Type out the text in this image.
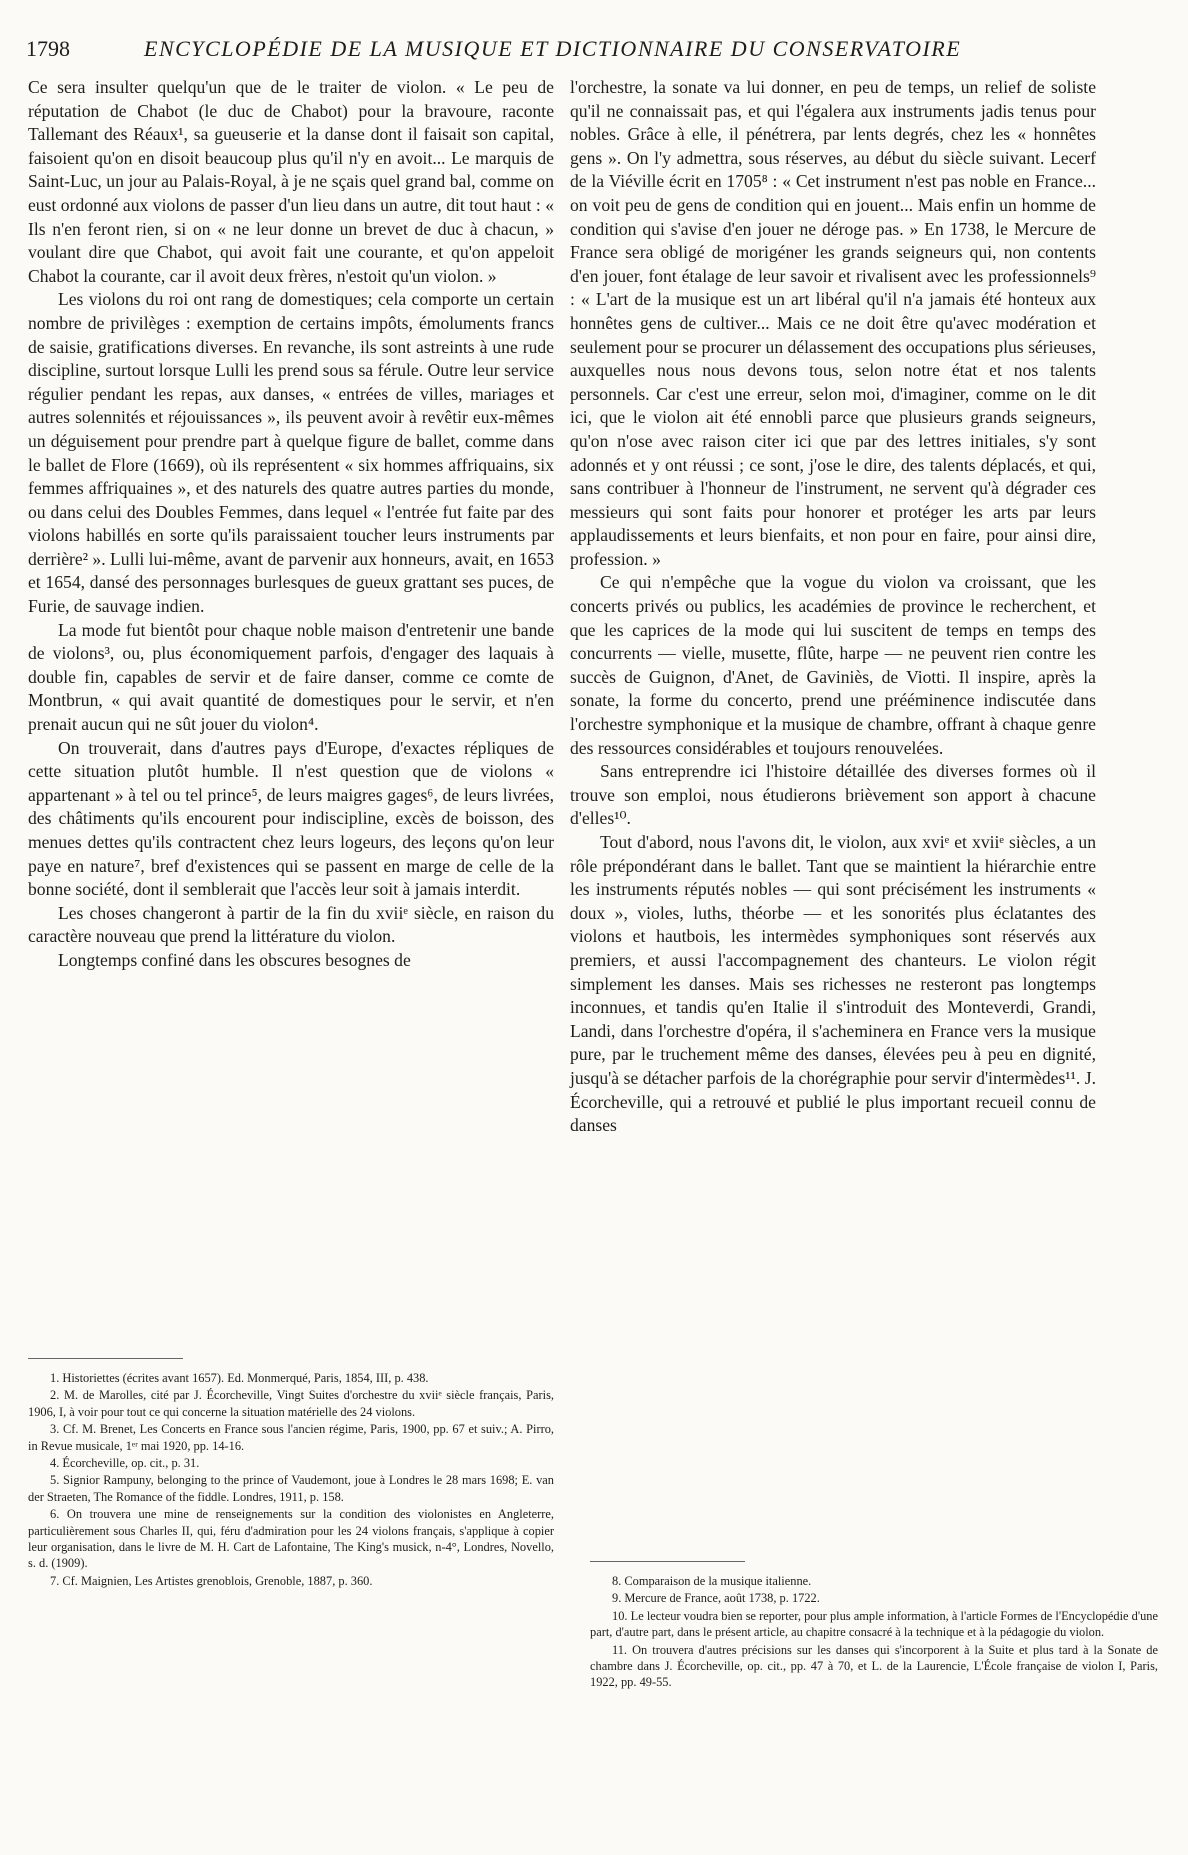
1798	ENCYCLOPÉDIE DE LA MUSIQUE ET DICTIONNAIRE DU CONSERVATOIRE

Ce sera insulter quelqu'un que de le traiter de violon. « Le peu de réputation de Chabot (le duc de Chabot) pour la bravoure, raconte Tallemant des Réaux¹, sa gueuserie et la danse dont il faisait son capital, faisoient qu'on en disoit beaucoup plus qu'il n'y en avoit... Le marquis de Saint-Luc, un jour au Palais-Royal, à je ne sçais quel grand bal, comme on eust ordonné aux violons de passer d'un lieu dans un autre, dit tout haut : « Ils n'en feront rien, si on « ne leur donne un brevet de duc à chacun, » voulant dire que Chabot, qui avoit fait une courante, et qu'on appeloit Chabot la courante, car il avoit deux frères, n'estoit qu'un violon. »

Les violons du roi ont rang de domestiques; cela comporte un certain nombre de privilèges : exemption de certains impôts, émoluments francs de saisie, gratifications diverses. En revanche, ils sont astreints à une rude discipline, surtout lorsque Lulli les prend sous sa férule. Outre leur service régulier pendant les repas, aux danses, « entrées de villes, mariages et autres solennités et réjouissances », ils peuvent avoir à revêtir eux-mêmes un déguisement pour prendre part à quelque figure de ballet, comme dans le ballet de Flore (1669), où ils représentent « six hommes affriquains, six femmes affriquaines », et des naturels des quatre autres parties du monde, ou dans celui des Doubles Femmes, dans lequel « l'entrée fut faite par des violons habillés en sorte qu'ils paraissaient toucher leurs instruments par derrière² ». Lulli lui-même, avant de parvenir aux honneurs, avait, en 1653 et 1654, dansé des personnages burlesques de gueux grattant ses puces, de Furie, de sauvage indien.

La mode fut bientôt pour chaque noble maison d'entretenir une bande de violons³, ou, plus économiquement parfois, d'engager des laquais à double fin, capables de servir et de faire danser, comme ce comte de Montbrun, « qui avait quantité de domestiques pour le servir, et n'en prenait aucun qui ne sût jouer du violon⁴.

On trouverait, dans d'autres pays d'Europe, d'exactes répliques de cette situation plutôt humble. Il n'est question que de violons « appartenant » à tel ou tel prince⁵, de leurs maigres gages⁶, de leurs livrées, des châtiments qu'ils encourent pour indiscipline, excès de boisson, des menues dettes qu'ils contractent chez leurs logeurs, des leçons qu'on leur paye en nature⁷, bref d'existences qui se passent en marge de celle de la bonne société, dont il semblerait que l'accès leur soit à jamais interdit.

Les choses changeront à partir de la fin du xviiᵉ siècle, en raison du caractère nouveau que prend la littérature du violon.

Longtemps confiné dans les obscures besognes de

1. Historiettes (écrites avant 1657). Ed. Monmerqué, Paris, 1854, III, p. 438.

2. M. de Marolles, cité par J. Écorcheville, Vingt Suites d'orchestre du xviiᵉ siècle français, Paris, 1906, I, à voir pour tout ce qui concerne la situation matérielle des 24 violons.

3. Cf. M. Brenet, Les Concerts en France sous l'ancien régime, Paris, 1900, pp. 67 et suiv.; A. Pirro, in Revue musicale, 1ᵉʳ mai 1920, pp. 14-16.

4. Écorcheville, op. cit., p. 31.

5. Signior Rampuny, belonging to the prince of Vaudemont, joue à Londres le 28 mars 1698; E. van der Straeten, The Romance of the fiddle. Londres, 1911, p. 158.

6. On trouvera une mine de renseignements sur la condition des violonistes en Angleterre, particulièrement sous Charles II, qui, féru d'admiration pour les 24 violons français, s'applique à copier leur organisation, dans le livre de M. H. Cart de Lafontaine, The King's musick, n-4°, Londres, Novello, s. d. (1909).

7. Cf. Maignien, Les Artistes grenoblois, Grenoble, 1887, p. 360.

l'orchestre, la sonate va lui donner, en peu de temps, un relief de soliste qu'il ne connaissait pas, et qui l'égalera aux instruments jadis tenus pour nobles. Grâce à elle, il pénétrera, par lents degrés, chez les « honnêtes gens ». On l'y admettra, sous réserves, au début du siècle suivant. Lecerf de la Viéville écrit en 1705⁸ : « Cet instrument n'est pas noble en France... on voit peu de gens de condition qui en jouent... Mais enfin un homme de condition qui s'avise d'en jouer ne déroge pas. » En 1738, le Mercure de France sera obligé de morigéner les grands seigneurs qui, non contents d'en jouer, font étalage de leur savoir et rivalisent avec les professionnels⁹ : « L'art de la musique est un art libéral qu'il n'a jamais été honteux aux honnêtes gens de cultiver... Mais ce ne doit être qu'avec modération et seulement pour se procurer un délassement des occupations plus sérieuses, auxquelles nous nous devons tous, selon notre état et nos talents personnels. Car c'est une erreur, selon moi, d'imaginer, comme on le dit ici, que le violon ait été ennobli parce que plusieurs grands seigneurs, qu'on n'ose avec raison citer ici que par des lettres initiales, s'y sont adonnés et y ont réussi ; ce sont, j'ose le dire, des talents déplacés, et qui, sans contribuer à l'honneur de l'instrument, ne servent qu'à dégrader ces messieurs qui sont faits pour honorer et protéger les arts par leurs applaudissements et leurs bienfaits, et non pour en faire, pour ainsi dire, profession. »

Ce qui n'empêche que la vogue du violon va croissant, que les concerts privés ou publics, les académies de province le recherchent, et que les caprices de la mode qui lui suscitent de temps en temps des concurrents — vielle, musette, flûte, harpe — ne peuvent rien contre les succès de Guignon, d'Anet, de Gaviniès, de Viotti. Il inspire, après la sonate, la forme du concerto, prend une prééminence indiscutée dans l'orchestre symphonique et la musique de chambre, offrant à chaque genre des ressources considérables et toujours renouvelées.

Sans entreprendre ici l'histoire détaillée des diverses formes où il trouve son emploi, nous étudierons brièvement son apport à chacune d'elles¹⁰.

Tout d'abord, nous l'avons dit, le violon, aux xviᵉ et xviiᵉ siècles, a un rôle prépondérant dans le ballet. Tant que se maintient la hiérarchie entre les instruments réputés nobles — qui sont précisément les instruments « doux », violes, luths, théorbe — et les sonorités plus éclatantes des violons et hautbois, les intermèdes symphoniques sont réservés aux premiers, et aussi l'accompagnement des chanteurs. Le violon régit simplement les danses. Mais ses richesses ne resteront pas longtemps inconnues, et tandis qu'en Italie il s'introduit des Monteverdi, Grandi, Landi, dans l'orchestre d'opéra, il s'acheminera en France vers la musique pure, par le truchement même des danses, élevées peu à peu en dignité, jusqu'à se détacher parfois de la chorégraphie pour servir d'intermèdes¹¹. J. Écorcheville, qui a retrouvé et publié le plus important recueil connu de danses

8. Comparaison de la musique italienne.

9. Mercure de France, août 1738, p. 1722.

10. Le lecteur voudra bien se reporter, pour plus ample information, à l'article Formes de l'Encyclopédie d'une part, d'autre part, dans le présent article, au chapitre consacré à la technique et à la pédagogie du violon.

11. On trouvera d'autres précisions sur les danses qui s'incorporent à la Suite et plus tard à la Sonate de chambre dans J. Écorcheville, op. cit., pp. 47 à 70, et L. de la Laurencie, L'École française de violon I, Paris, 1922, pp. 49-55.
